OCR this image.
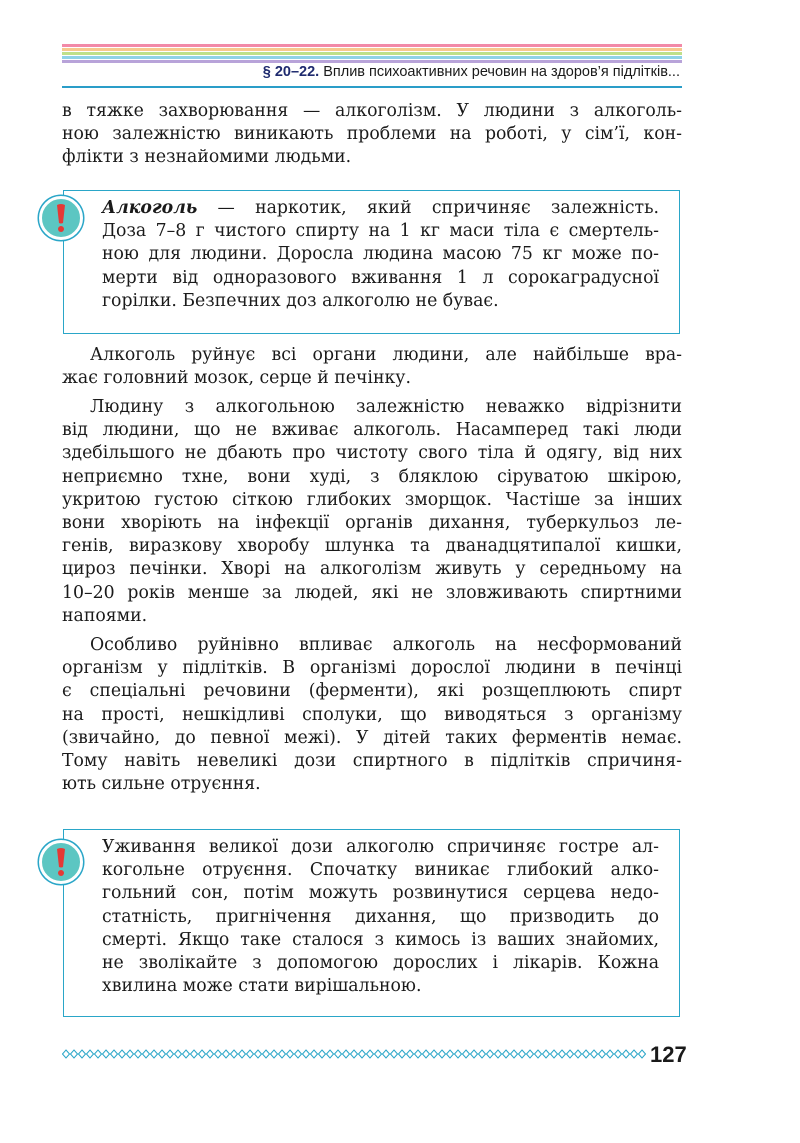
§ 20–22. Вплив психоактивних речовин на здоров’я підлітків...
в тяжке захворювання — алкоголізм. У людини з алкоголь-
ною залежністю виникають проблеми на роботі, у сім’ї, кон-
флікти з незнайомими людьми.
Алкоголь — наркотик, який спричиняє залежність.
Доза 7–8 г чистого спирту на 1 кг маси тіла є смертель-
ною для людини. Доросла людина масою 75 кг може по-
мерти від одноразового вживання 1 л сорокаградусної
горілки. Безпечних доз алкоголю не буває.
Алкоголь руйнує всі органи людини, але найбільше вра-
жає головний мозок, серце й печінку.
Людину з алкогольною залежністю неважко відрізнити
від людини, що не вживає алкоголь. Насамперед такі люди
здебільшого не дбають про чистоту свого тіла й одягу, від них
неприємно тхне, вони худі, з бляклою сіруватою шкірою,
укритою густою сіткою глибоких зморщок. Частіше за інших
вони хворіють на інфекції органів дихання, туберкульоз ле-
генів, виразкову хворобу шлунка та дванадцятипалої кишки,
цироз печінки. Хворі на алкоголізм живуть у середньому на
10–20 років менше за людей, які не зловживають спиртними
напоями.
Особливо руйнівно впливає алкоголь на несформований
організм у підлітків. В організмі дорослої людини в печінці
є спеціальні речовини (ферменти), які розщеплюють спирт
на прості, нешкідливі сполуки, що виводяться з організму
(звичайно, до певної межі). У дітей таких ферментів немає.
Тому навіть невеликі дози спиртного в підлітків спричиня-
ють сильне отруєння.
Уживання великої дози алкоголю спричиняє гостре ал-
когольне отруєння. Спочатку виникає глибокий алко-
гольний сон, потім можуть розвинутися серцева недо-
статність, пригнічення дихання, що призводить до
смерті. Якщо таке сталося з кимось із ваших знайомих,
не зволікайте з допомогою дорослих і лікарів. Кожна
хвилина може стати вирішальною.
127
